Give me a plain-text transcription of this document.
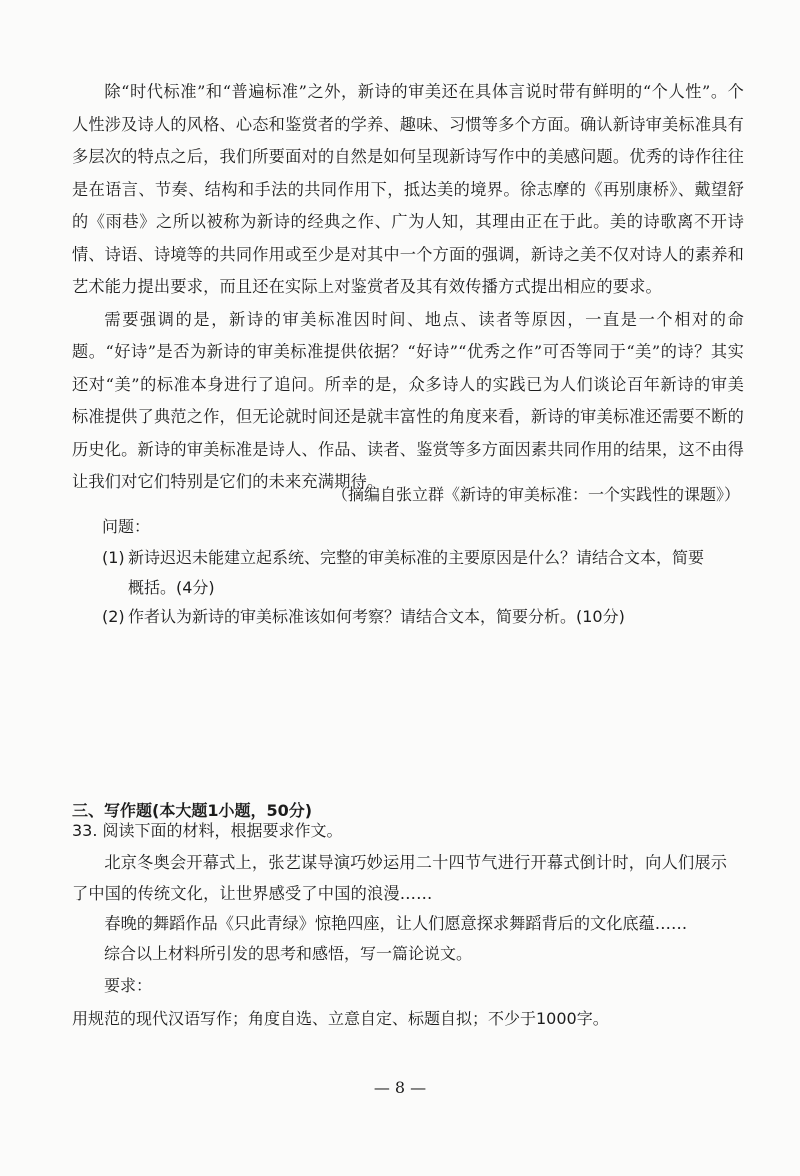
除“时代标准”和“普遍标准”之外，新诗的审美还在具体言说时带有鲜明的“个人性”。个人性涉及诗人的风格、心态和鉴赏者的学养、趣味、习惯等多个方面。确认新诗审美标准具有多层次的特点之后，我们所要面对的自然是如何呈现新诗写作中的美感问题。优秀的诗作往往是在语言、节奏、结构和手法的共同作用下，抵达美的境界。徐志摩的《再别康桥》、戴望舒的《雨巷》之所以被称为新诗的经典之作、广为人知，其理由正在于此。美的诗歌离不开诗情、诗语、诗境等的共同作用或至少是对其中一个方面的强调，新诗之美不仅对诗人的素养和艺术能力提出要求，而且还在实际上对鉴赏者及其有效传播方式提出相应的要求。

需要强调的是，新诗的审美标准因时间、地点、读者等原因，一直是一个相对的命题。“好诗”是否为新诗的审美标准提供依据？“好诗”“优秀之作”可否等同于“美”的诗？其实还对“美”的标准本身进行了追问。所幸的是，众多诗人的实践已为人们谈论百年新诗的审美标准提供了典范之作，但无论就时间还是就丰富性的角度来看，新诗的审美标准还需要不断的历史化。新诗的审美标准是诗人、作品、读者、鉴赏等多方面因素共同作用的结果，这不由得让我们对它们特别是它们的未来充满期待。

（摘编自张立群《新诗的审美标准：一个实践性的课题》）
问题：
(1) 新诗迟迟未能建立起系统、完整的审美标准的主要原因是什么？请结合文本，简要
概括。(4分)
(2) 作者认为新诗的审美标准该如何考察？请结合文本，简要分析。(10分)
三、写作题(本大题1小题，50分)
33. 阅读下面的材料，根据要求作文。

北京冬奥会开幕式上，张艺谋导演巧妙运用二十四节气进行开幕式倒计时，向人们展示了中国的传统文化，让世界感受了中国的浪漫……

春晚的舞蹈作品《只此青绿》惊艳四座，让人们愿意探求舞蹈背后的文化底蕴……
综合以上材料所引发的思考和感悟，写一篇论说文。
要求：
用规范的现代汉语写作；角度自选、立意自定、标题自拟；不少于1000字。
— 8 —
